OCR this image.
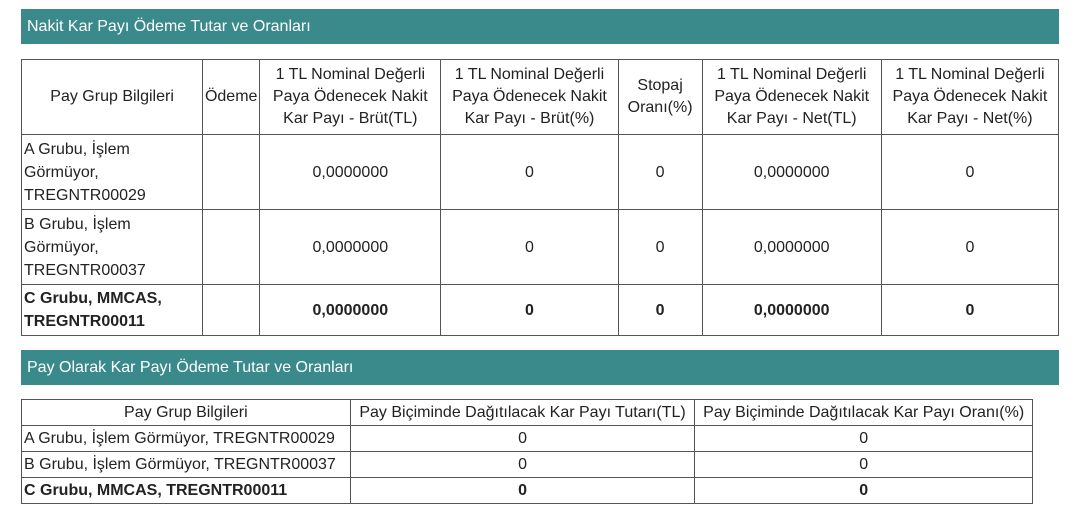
Nakit Kar Payı Ödeme Tutar ve Oranları
Pay Grup Bilgileri	Ödeme	1 TL Nominal Değerli Paya Ödenecek Nakit Kar Payı - Brüt(TL)	1 TL Nominal Değerli Paya Ödenecek Nakit Kar Payı - Brüt(%)	Stopaj Oranı(%)	1 TL Nominal Değerli Paya Ödenecek Nakit Kar Payı - Net(TL)	1 TL Nominal Değerli Paya Ödenecek Nakit Kar Payı - Net(%)
A Grubu, İşlem Görmüyor, TREGNTR00029		0,0000000	0	0	0,0000000	0
B Grubu, İşlem Görmüyor, TREGNTR00037		0,0000000	0	0	0,0000000	0
C Grubu, MMCAS, TREGNTR00011		0,0000000	0	0	0,0000000	0
Pay Olarak Kar Payı Ödeme Tutar ve Oranları
Pay Grup Bilgileri	Pay Biçiminde Dağıtılacak Kar Payı Tutarı(TL)	Pay Biçiminde Dağıtılacak Kar Payı Oranı(%)
A Grubu, İşlem Görmüyor, TREGNTR00029	0	0
B Grubu, İşlem Görmüyor, TREGNTR00037	0	0
C Grubu, MMCAS, TREGNTR00011	0	0
